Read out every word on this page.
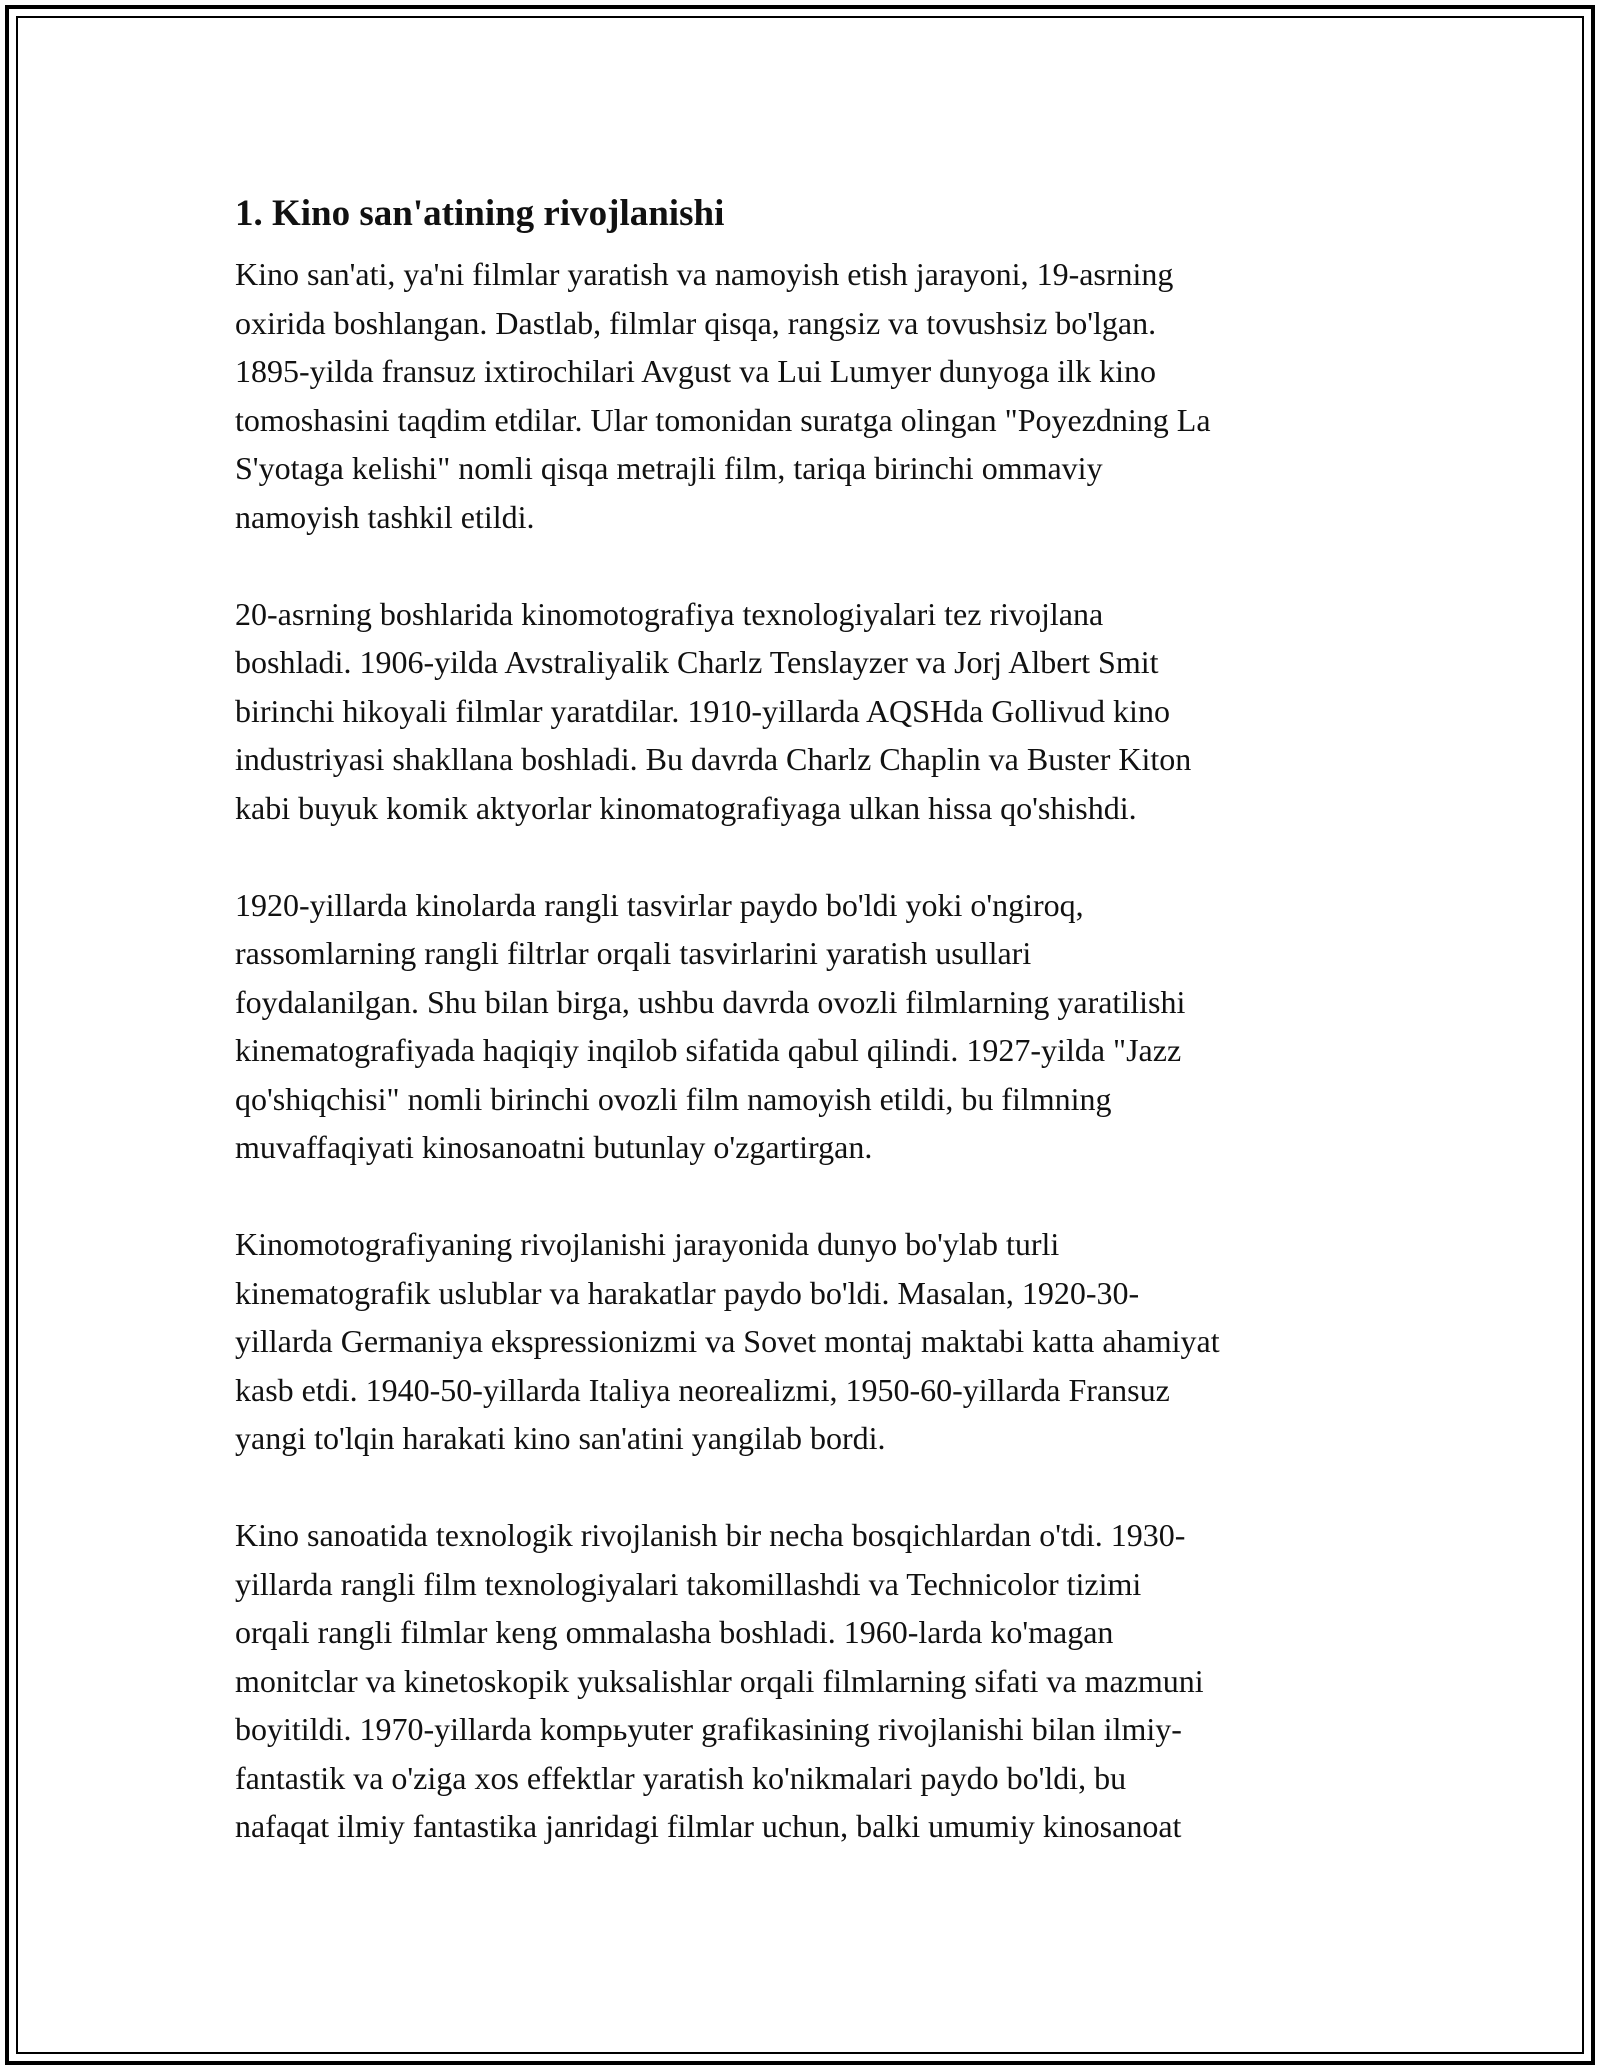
1. Kino san'atining rivojlanishi
Kino san'ati, ya'ni filmlar yaratish va namoyish etish jarayoni, 19-asrning
oxirida boshlangan. Dastlab, filmlar qisqa, rangsiz va tovushsiz bo'lgan.
1895-yilda fransuz ixtirochilari Avgust va Lui Lumyer dunyoga ilk kino
tomoshasini taqdim etdilar. Ular tomonidan suratga olingan "Poyezdning La
S'yotaga kelishi" nomli qisqa metrajli film, tariqa birinchi ommaviy
namoyish tashkil etildi.
20-asrning boshlarida kinomotografiya texnologiyalari tez rivojlana
boshladi. 1906-yilda Avstraliyalik Charlz Tenslayzer va Jorj Albert Smit
birinchi hikoyali filmlar yaratdilar. 1910-yillarda AQSHda Gollivud kino
industriyasi shakllana boshladi. Bu davrda Charlz Chaplin va Buster Kiton
kabi buyuk komik aktyorlar kinomatografiyaga ulkan hissa qo'shishdi.
1920-yillarda kinolarda rangli tasvirlar paydo bo'ldi yoki o'ngiroq,
rassomlarning rangli filtrlar orqali tasvirlarini yaratish usullari
foydalanilgan. Shu bilan birga, ushbu davrda ovozli filmlarning yaratilishi
kinematografiyada haqiqiy inqilob sifatida qabul qilindi. 1927-yilda "Jazz
qo'shiqchisi" nomli birinchi ovozli film namoyish etildi, bu filmning
muvaffaqiyati kinosanoatni butunlay o'zgartirgan.
Kinomotografiyaning rivojlanishi jarayonida dunyo bo'ylab turli
kinematografik uslublar va harakatlar paydo bo'ldi. Masalan, 1920-30-
yillarda Germaniya ekspressionizmi va Sovet montaj maktabi katta ahamiyat
kasb etdi. 1940-50-yillarda Italiya neorealizmi, 1950-60-yillarda Fransuz
yangi to'lqin harakati kino san'atini yangilab bordi.
Kino sanoatida texnologik rivojlanish bir necha bosqichlardan o'tdi. 1930-
yillarda rangli film texnologiyalari takomillashdi va Technicolor tizimi
orqali rangli filmlar keng ommalasha boshladi. 1960-larda ko'magan
monitclar va kinetoskopik yuksalishlar orqali filmlarning sifati va mazmuni
boyitildi. 1970-yillarda kompьyuter grafikasining rivojlanishi bilan ilmiy-
fantastik va o'ziga xos effektlar yaratish ko'nikmalari paydo bo'ldi, bu
nafaqat ilmiy fantastika janridagi filmlar uchun, balki umumiy kinosanoat
